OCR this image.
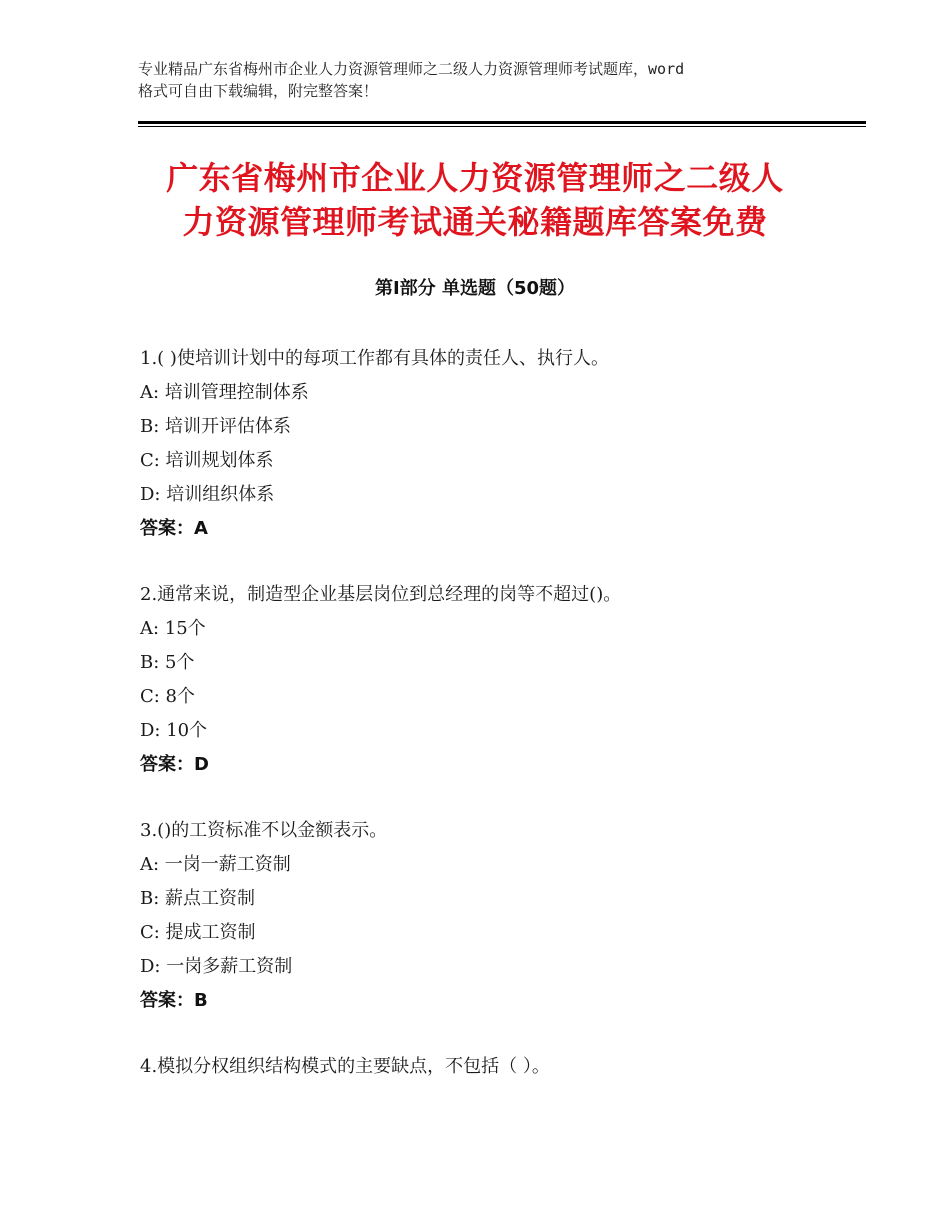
专业精品广东省梅州市企业人力资源管理师之二级人力资源管理师考试题库，word
格式可自由下载编辑，附完整答案！
广东省梅州市企业人力资源管理师之二级人
力资源管理师考试通关秘籍题库答案免费
第Ⅰ部分 单选题（50题）
1.( )使培训计划中的每项工作都有具体的责任人、执行人。
A: 培训管理控制体系
B: 培训开评估体系
C: 培训规划体系
D: 培训组织体系
答案：A
2.通常来说，制造型企业基层岗位到总经理的岗等不超过()。
A: 15个
B: 5个
C: 8个
D: 10个
答案：D
3.()的工资标准不以金额表示。
A: 一岗一薪工资制
B: 薪点工资制
C: 提成工资制
D: 一岗多薪工资制
答案：B
4.模拟分权组织结构模式的主要缺点，不包括（ ）。
